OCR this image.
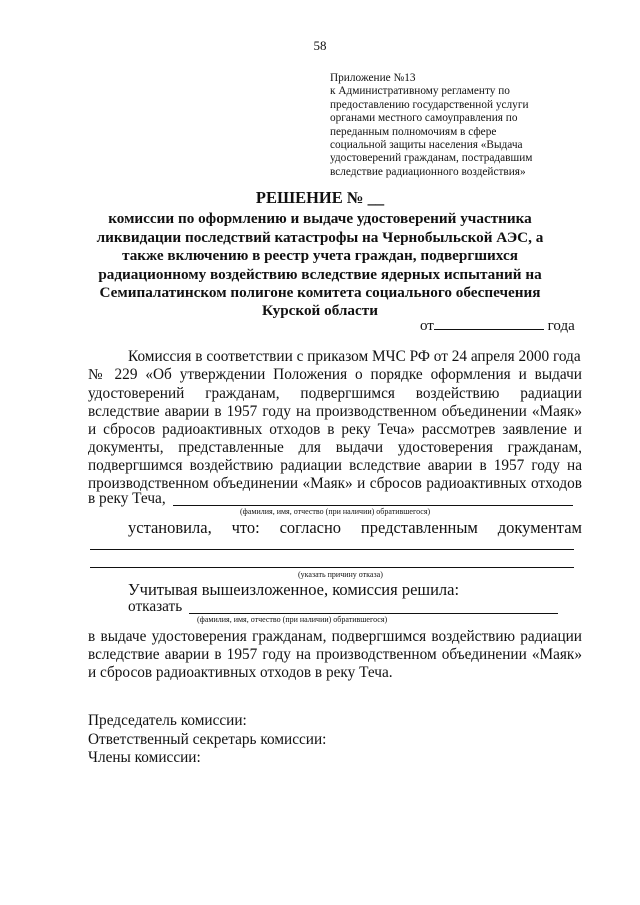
58
Приложение №13
к Административному регламенту по
предоставлению государственной услуги
органами местного самоуправления по
переданным полномочиям в сфере
социальной защиты населения «Выдача
удостоверений гражданам, пострадавшим
вследствие радиационного воздействия»
РЕШЕНИЕ № __
комиссии по оформлению и выдаче удостоверений участника
ликвидации последствий катастрофы на Чернобыльской АЭС, а
также включению в реестр учета граждан, подвергшихся
радиационному воздействию вследствие ядерных испытаний на
Семипалатинском полигоне комитета социального обеспечения
Курской области
от	года
Комиссия в соответствии с приказом МЧС РФ от 24 апреля 2000 года
№ 229 «Об утверждении Положения о порядке оформления и выдачи
удостоверений гражданам, подвергшимся воздействию радиации
вследствие аварии в 1957 году на производственном объединении «Маяк»
и сбросов радиоактивных отходов в реку Теча» рассмотрев заявление и
документы, представленные для выдачи удостоверения гражданам,
подвергшимся воздействию радиации вследствие аварии в 1957 году на
производственном объединении «Маяк» и сбросов радиоактивных отходов
в реку Теча,
(фамилия, имя, отчество (при наличии) обратившегося)
установила, что: согласно представленным документам
(указать причину отказа)
Учитывая вышеизложенное, комиссия решила:
отказать
(фамилия, имя, отчество (при наличии) обратившегося)
в выдаче удостоверения гражданам, подвергшимся воздействию радиации
вследствие аварии в 1957 году на производственном объединении «Маяк»
и сбросов радиоактивных отходов в реку Теча.
Председатель комиссии:
Ответственный секретарь комиссии:
Члены комиссии:
